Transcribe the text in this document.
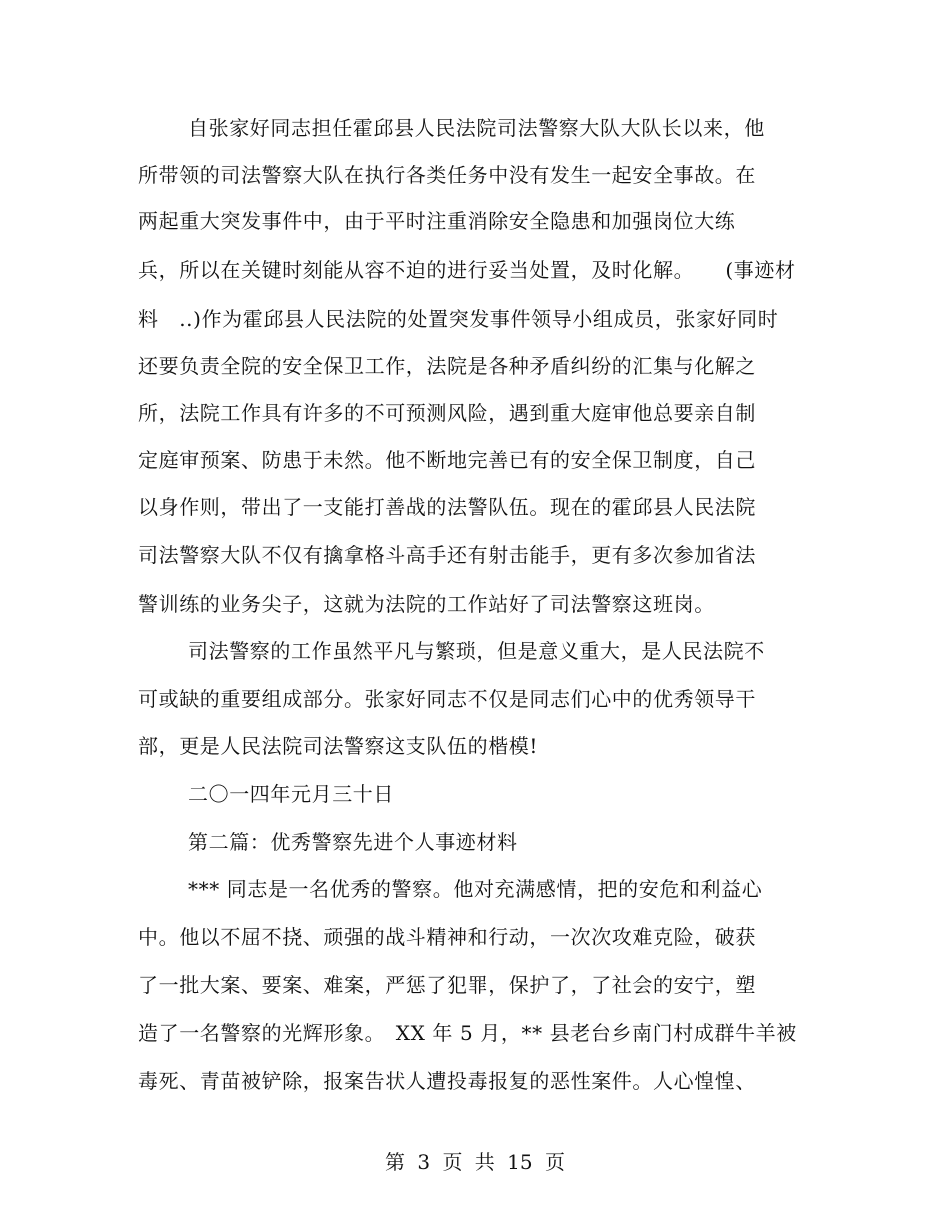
自张家好同志担任霍邱县人民法院司法警察大队大队长以来，他
所带领的司法警察大队在执行各类任务中没有发生一起安全事故。在
两起重大突发事件中，由于平时注重消除安全隐患和加强岗位大练
兵，所以在关键时刻能从容不迫的进行妥当处置，及时化解。　　(事迹材
料　..)作为霍邱县人民法院的处置突发事件领导小组成员，张家好同时
还要负责全院的安全保卫工作，法院是各种矛盾纠纷的汇集与化解之
所，法院工作具有许多的不可预测风险，遇到重大庭审他总要亲自制
定庭审预案、防患于未然。他不断地完善已有的安全保卫制度，自己
以身作则，带出了一支能打善战的法警队伍。现在的霍邱县人民法院
司法警察大队不仅有擒拿格斗高手还有射击能手，更有多次参加省法
警训练的业务尖子，这就为法院的工作站好了司法警察这班岗。
司法警察的工作虽然平凡与繁琐，但是意义重大，是人民法院不
可或缺的重要组成部分。张家好同志不仅是同志们心中的优秀领导干
部，更是人民法院司法警察这支队伍的楷模!
二〇一四年元月三十日
第二篇：优秀警察先进个人事迹材料
*** 同志是一名优秀的警察。他对充满感情，把的安危和利益心
中。他以不屈不挠、顽强的战斗精神和行动，一次次攻难克险，破获
了一批大案、要案、难案，严惩了犯罪，保护了，了社会的安宁，塑
造了一名警察的光辉形象。　XX 年 5 月，** 县老台乡南门村成群牛羊被
毒死、青苗被铲除，报案告状人遭投毒报复的恶性案件。人心惶惶、
第 3 页 共 15 页
